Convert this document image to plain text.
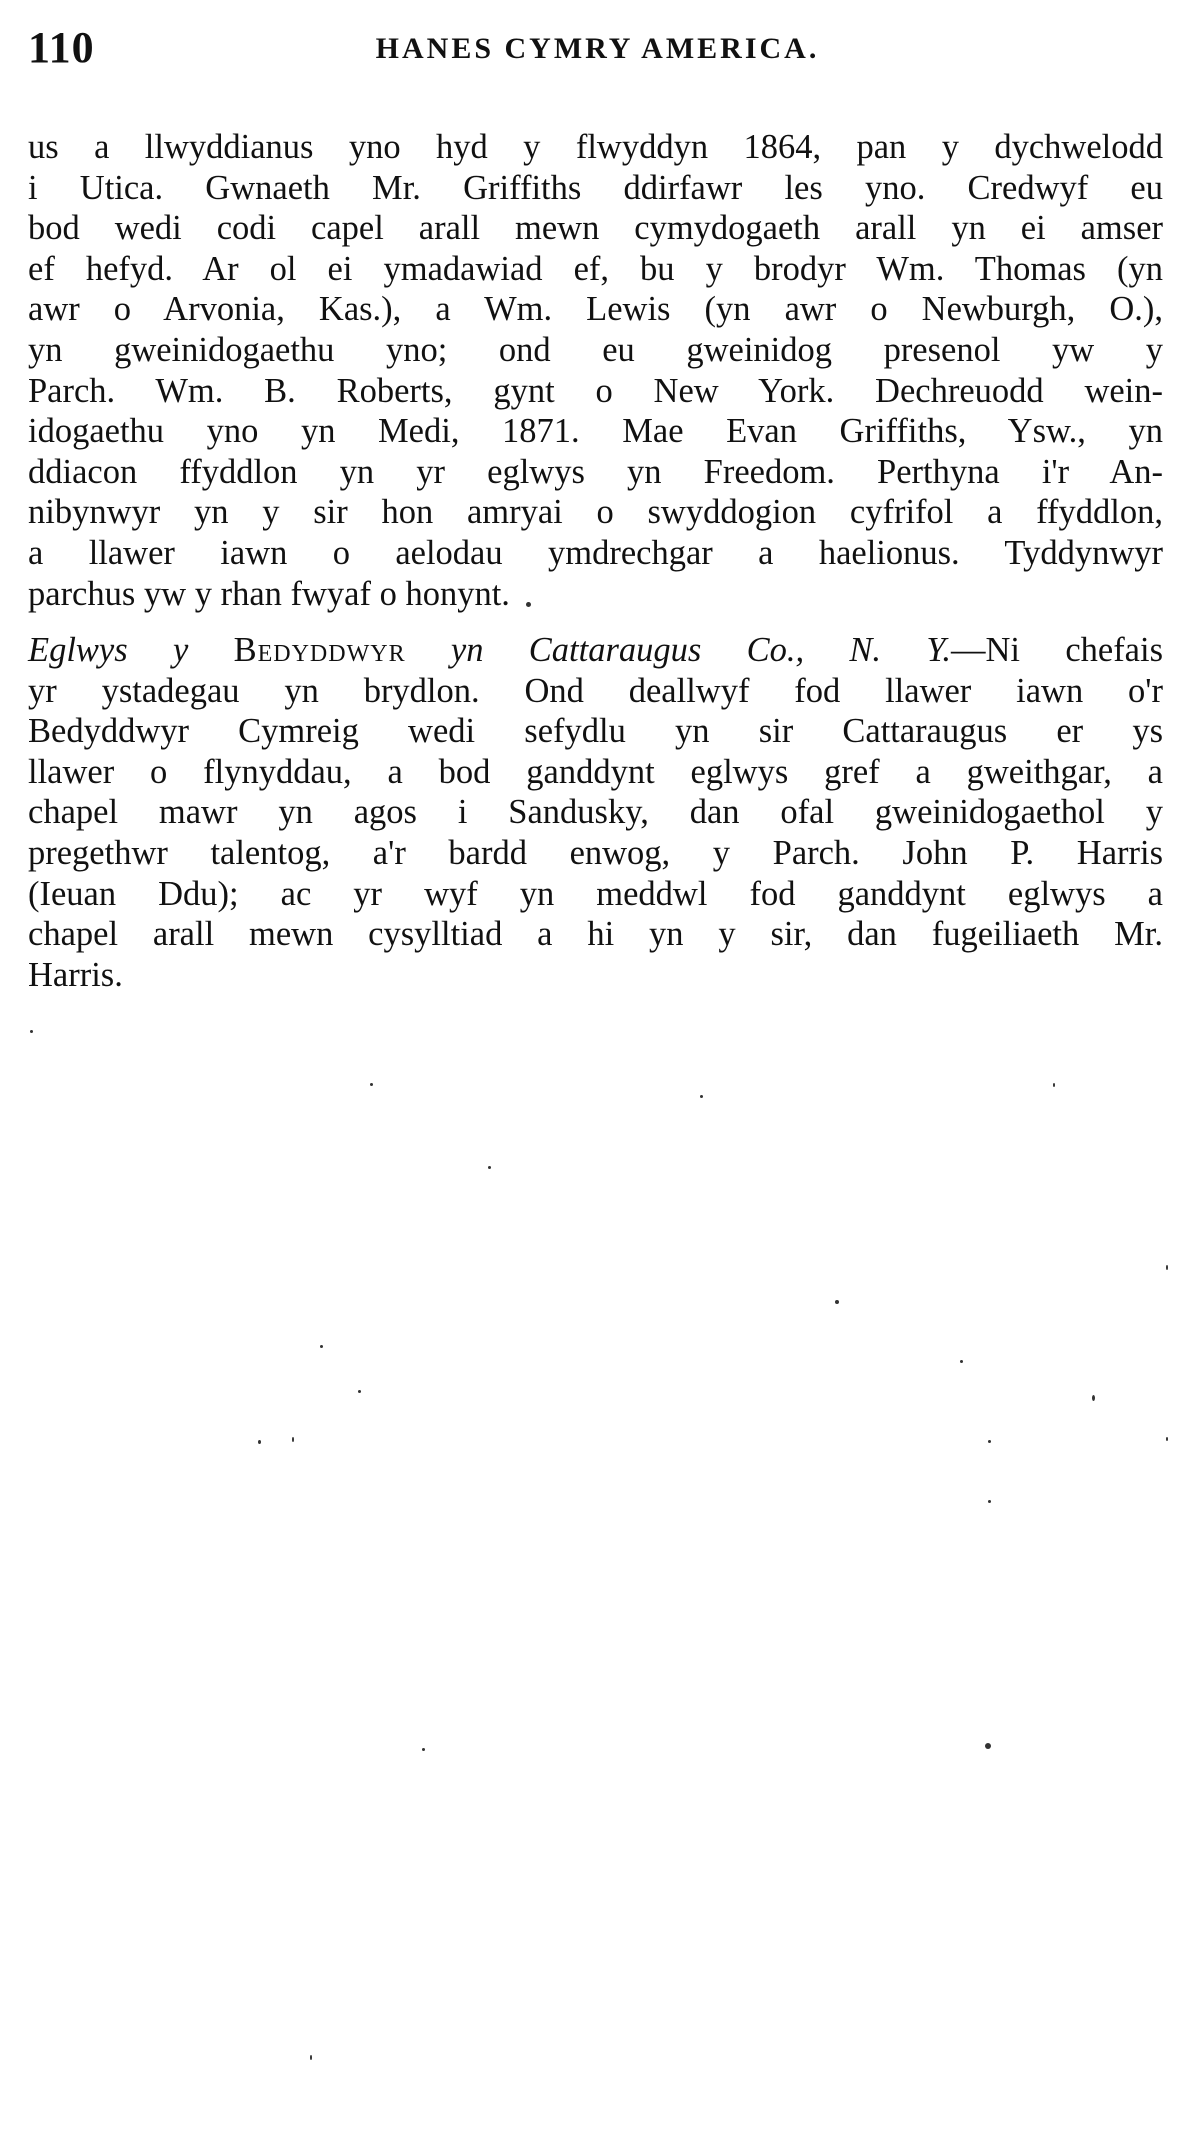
110	HANES CYMRY AMERICA.
us a llwyddianus yno hyd y flwyddyn 1864, pan y dychwelodd
i Utica. Gwnaeth Mr. Griffiths ddirfawr les yno. Credwyf eu
bod wedi codi capel arall mewn cymydogaeth arall yn ei amser
ef hefyd. Ar ol ei ymadawiad ef, bu y brodyr Wm. Thomas (yn
awr o Arvonia, Kas.), a Wm. Lewis (yn awr o Newburgh, O.),
yn gweinidogaethu yno; ond eu gweinidog presenol yw y
Parch. Wm. B. Roberts, gynt o New York. Dechreuodd wein-
idogaethu yno yn Medi, 1871. Mae Evan Griffiths, Ysw., yn
ddiacon ffyddlon yn yr eglwys yn Freedom. Perthyna i'r An-
nibynwyr yn y sir hon amryai o swyddogion cyfrifol a ffyddlon,
a llawer iawn o aelodau ymdrechgar a haelionus. Tyddynwyr
parchus yw y rhan fwyaf o honynt.
Eglwys y Bedyddwyr yn Cattaraugus Co., N. Y.—Ni chefais
yr ystadegau yn brydlon. Ond deallwyf fod llawer iawn o'r
Bedyddwyr Cymreig wedi sefydlu yn sir Cattaraugus er ys
llawer o flynyddau, a bod ganddynt eglwys gref a gweithgar, a
chapel mawr yn agos i Sandusky, dan ofal gweinidogaethol y
pregethwr talentog, a'r bardd enwog, y Parch. John P. Harris
(Ieuan Ddu); ac yr wyf yn meddwl fod ganddynt eglwys a
chapel arall mewn cysylltiad a hi yn y sir, dan fugeiliaeth Mr.
Harris.
